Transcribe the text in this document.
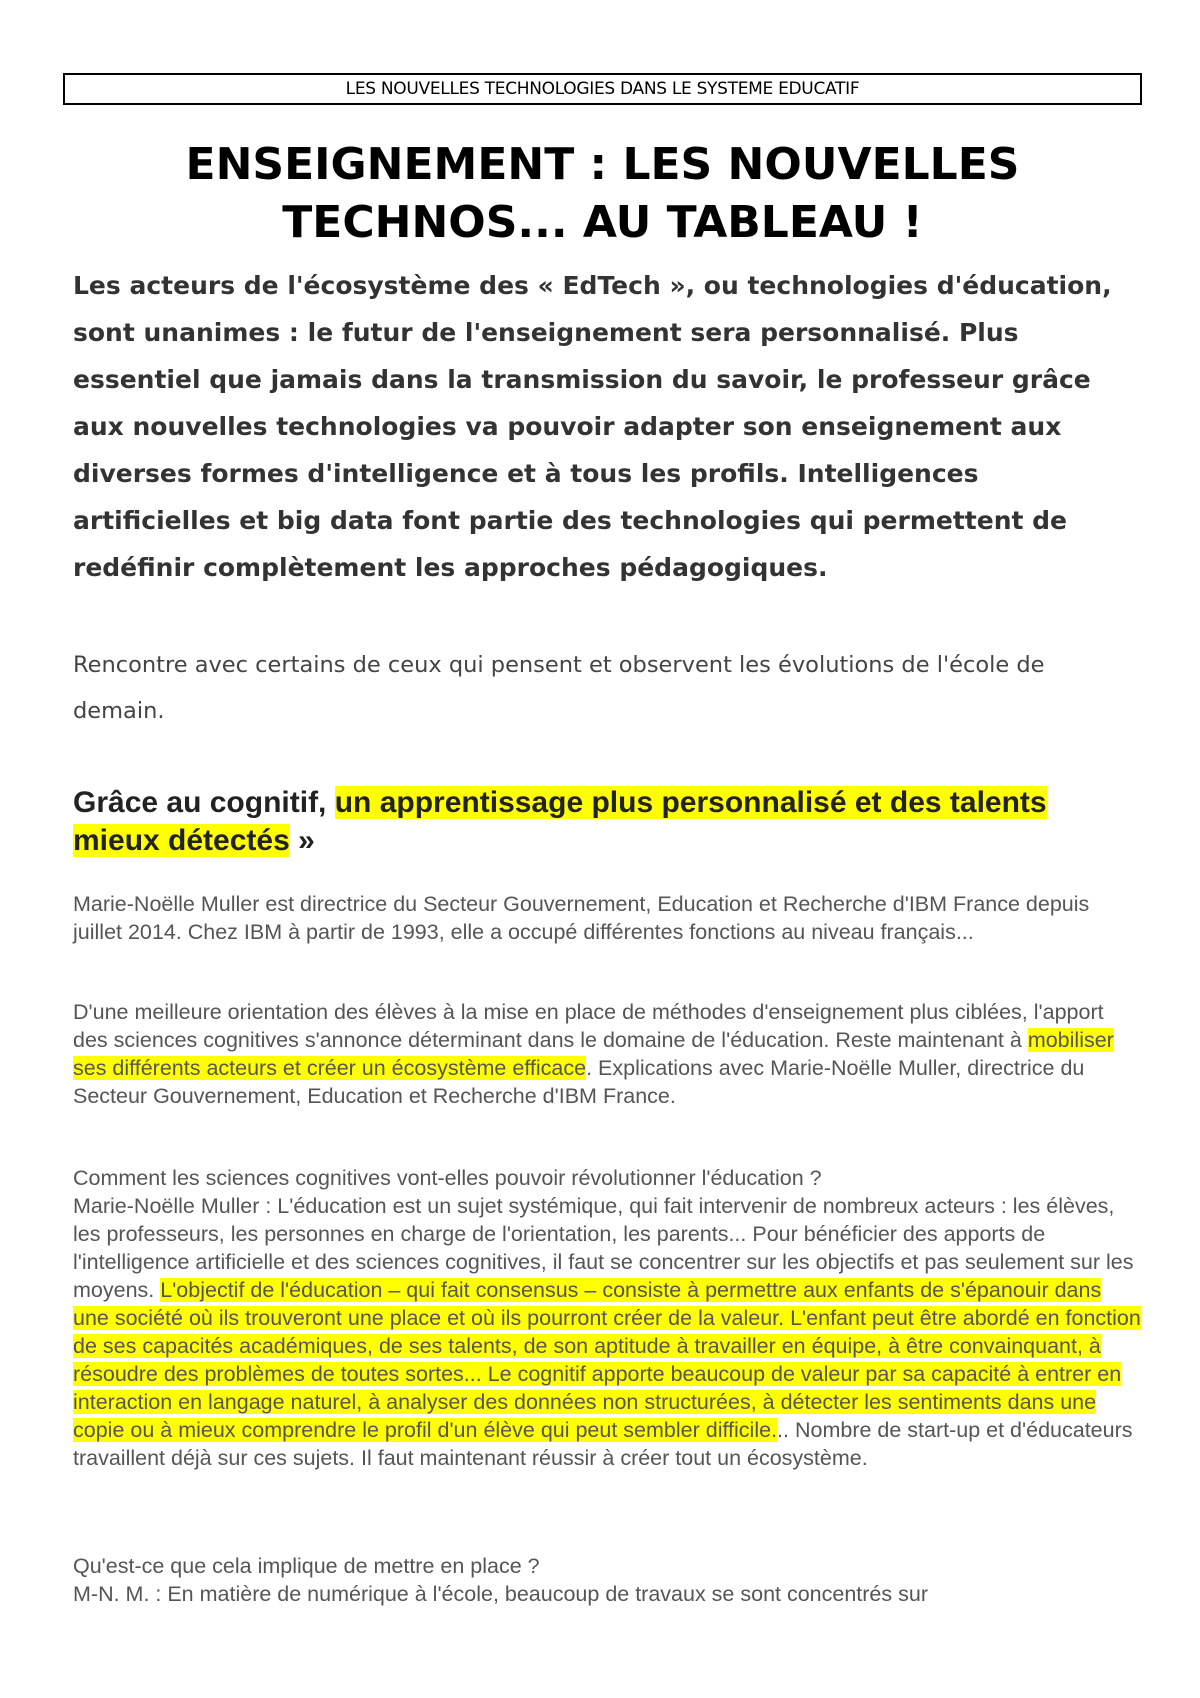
LES NOUVELLES TECHNOLOGIES DANS LE SYSTEME EDUCATIF
ENSEIGNEMENT : LES NOUVELLES
TECHNOS... AU TABLEAU !

Les acteurs de l'écosystème des « EdTech », ou technologies d'éducation, sont unanimes : le futur de l'enseignement sera personnalisé. Plus essentiel que jamais dans la transmission du savoir, le professeur grâce aux nouvelles technologies va pouvoir adapter son enseignement aux diverses formes d'intelligence et à tous les profils. Intelligences artificielles et big data font partie des technologies qui permettent de redéfinir complètement les approches pédagogiques.

Rencontre avec certains de ceux qui pensent et observent les évolutions de l'école de demain.

Grâce au cognitif, un apprentissage plus personnalisé et des talents
mieux détectés »

Marie-Noëlle Muller est directrice du Secteur Gouvernement, Education et Recherche d'IBM France depuis juillet 2014. Chez IBM à partir de 1993, elle a occupé différentes fonctions au niveau français...

D'une meilleure orientation des élèves à la mise en place de méthodes d'enseignement plus ciblées, l'apport des sciences cognitives s'annonce déterminant dans le domaine de l'éducation. Reste maintenant à mobiliser ses différents acteurs et créer un écosystème efficace. Explications avec Marie-Noëlle Muller, directrice du Secteur Gouvernement, Education et Recherche d'IBM France.

Comment les sciences cognitives vont-elles pouvoir révolutionner l'éducation ?

Marie-Noëlle Muller : L'éducation est un sujet systémique, qui fait intervenir de nombreux acteurs : les élèves, les professeurs, les personnes en charge de l'orientation, les parents... Pour bénéficier des apports de l'intelligence artificielle et des sciences cognitives, il faut se concentrer sur les objectifs et pas seulement sur les moyens. L'objectif de l'éducation – qui fait consensus – consiste à permettre aux enfants de s'épanouir dans une société où ils trouveront une place et où ils pourront créer de la valeur. L'enfant peut être abordé en fonction de ses capacités académiques, de ses talents, de son aptitude à travailler en équipe, à être convainquant, à résoudre des problèmes de toutes sortes... Le cognitif apporte beaucoup de valeur par sa capacité à entrer en interaction en langage naturel, à analyser des données non structurées, à détecter les sentiments dans une copie ou à mieux comprendre le profil d'un élève qui peut sembler difficile... Nombre de start-up et d'éducateurs travaillent déjà sur ces sujets. Il faut maintenant réussir à créer tout un écosystème.

Qu'est-ce que cela implique de mettre en place ?

M-N. M. : En matière de numérique à l'école, beaucoup de travaux se sont concentrés sur
